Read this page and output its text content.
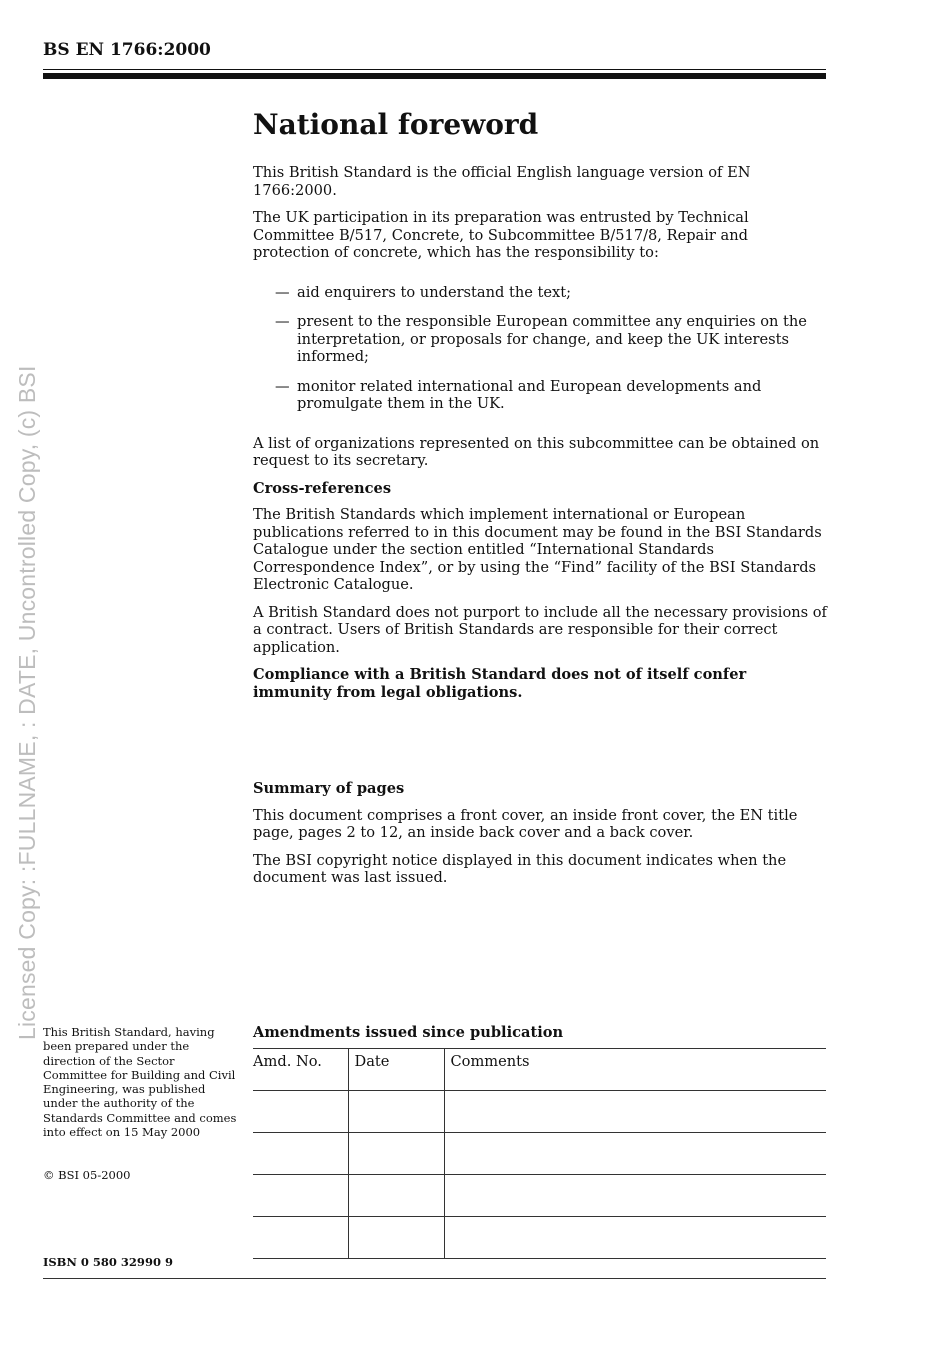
Licensed Copy: :FULLNAME, : DATE, Uncontrolled Copy, (c) BSI
BS EN 1766:2000
National foreword

This British Standard is the official English language version of EN 1766:2000.

The UK participation in its preparation was entrusted by Technical Committee B/517, Concrete, to Subcommittee B/517/8, Repair and protection of concrete, which has the responsibility to:

— aid enquirers to understand the text;
— present to the responsible European committee any enquiries on the interpretation, or proposals for change, and keep the UK interests informed;
— monitor related international and European developments and promulgate them in the UK.

A list of organizations represented on this subcommittee can be obtained on request to its secretary.

Cross-references

The British Standards which implement international or European publications referred to in this document may be found in the BSI Standards Catalogue under the section entitled “International Standards Correspondence Index”, or by using the “Find” facility of the BSI Standards Electronic Catalogue.

A British Standard does not purport to include all the necessary provisions of a contract. Users of British Standards are responsible for their correct application.

Compliance with a British Standard does not of itself confer immunity from legal obligations.

Summary of pages

This document comprises a front cover, an inside front cover, the EN title page, pages 2 to 12, an inside back cover and a back cover.

The BSI copyright notice displayed in this document indicates when the document was last issued.

This British Standard, having been prepared under the direction of the Sector Committee for Building and Civil Engineering, was published under the authority of the Standards Committee and comes into effect on 15 May 2000
© BSI 05-2000
ISBN 0 580 32990 9
Amendments issued since publication
Amd. No.	Date	Comments
